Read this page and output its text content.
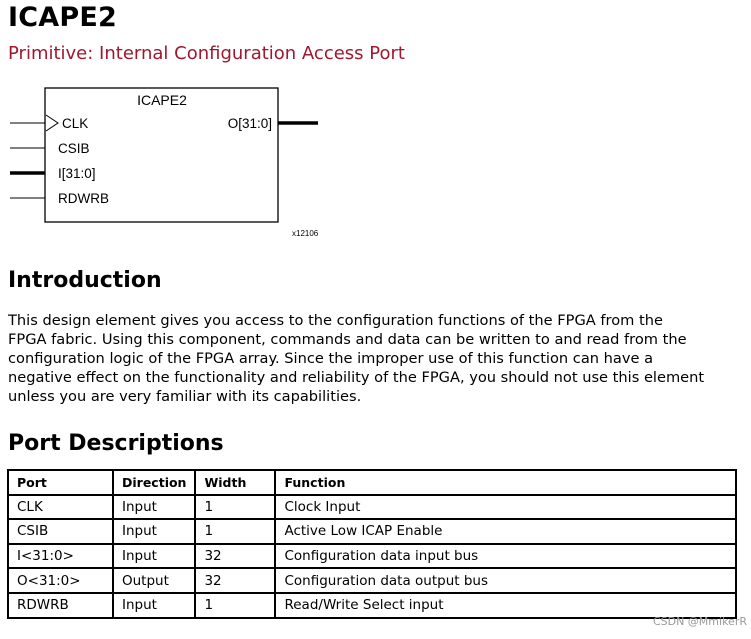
ICAPE2
Primitive: Internal Configuration Access Port
ICAPE2
CLK
CSIB
I[31:0]
RDWRB
O[31:0]
x12106
Introduction
This design element gives you access to the configuration functions of the FPGA from the
FPGA fabric. Using this component, commands and data can be written to and read from the
configuration logic of the FPGA array. Since the improper use of this function can have a
negative effect on the functionality and reliability of the FPGA, you should not use this element
unless you are very familiar with its capabilities.
Port Descriptions
Port	Direction	Width	Function
CLK	Input	1	Clock Input
CSIB	Input	1	Active Low ICAP Enable
I<31:0>	Input	32	Configuration data input bus
O<31:0>	Output	32	Configuration data output bus
RDWRB	Input	1	Read/Write Select input
CSDN @MmikerR
